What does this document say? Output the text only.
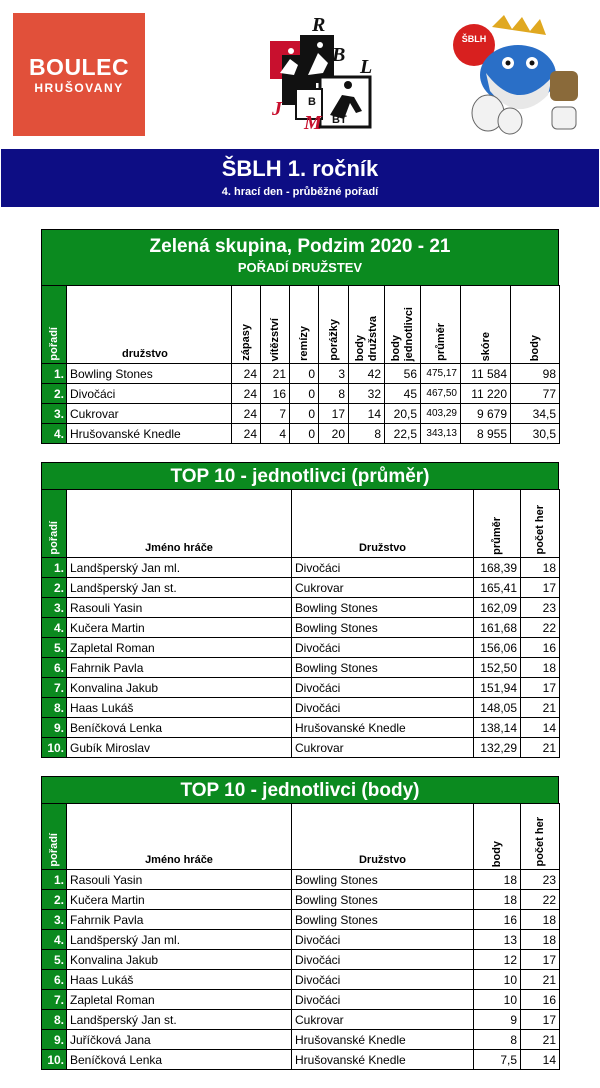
BOULEC
HRUŠOVANY
R
B
L
J
M
B
B
BT
ŠBLH
ŠBLH 1. ročník
4. hrací den - průběžné pořadí
Zelená skupina, Podzim 2020 - 21
POŘADÍ DRUŽSTEV
pořadí	družstvo	zápasy	vítězství	remízy	porážky	body družstva	body jednotlivci	průměr	skóre	body

1.	Bowling Stones	24	21	0	3	42	56	475,17	11 584	98
2.	Divočáci	24	16	0	8	32	45	467,50	11 220	77
3.	Cukrovar	24	7	0	17	14	20,5	403,29	9 679	34,5
4.	Hrušovanské Knedle	24	4	0	20	8	22,5	343,13	8 955	30,5
TOP 10 - jednotlivci (průměr)
pořadí	Jméno hráče	Družstvo	průměr	počet her

1.	Landšperský Jan ml.	Divočáci	168,39	18
2.	Landšperský Jan st.	Cukrovar	165,41	17
3.	Rasouli Yasin	Bowling Stones	162,09	23
4.	Kučera Martin	Bowling Stones	161,68	22
5.	Zapletal Roman	Divočáci	156,06	16
6.	Fahrnik Pavla	Bowling Stones	152,50	18
7.	Konvalina Jakub	Divočáci	151,94	17
8.	Haas Lukáš	Divočáci	148,05	21
9.	Beníčková Lenka	Hrušovanské Knedle	138,14	14
10.	Gubík Miroslav	Cukrovar	132,29	21
TOP 10 - jednotlivci (body)
pořadí	Jméno hráče	Družstvo	body	počet her

1.	Rasouli Yasin	Bowling Stones	18	23
2.	Kučera Martin	Bowling Stones	18	22
3.	Fahrnik Pavla	Bowling Stones	16	18
4.	Landšperský Jan ml.	Divočáci	13	18
5.	Konvalina Jakub	Divočáci	12	17
6.	Haas Lukáš	Divočáci	10	21
7.	Zapletal Roman	Divočáci	10	16
8.	Landšperský Jan st.	Cukrovar	9	17
9.	Juříčková Jana	Hrušovanské Knedle	8	21
10.	Beníčková Lenka	Hrušovanské Knedle	7,5	14
